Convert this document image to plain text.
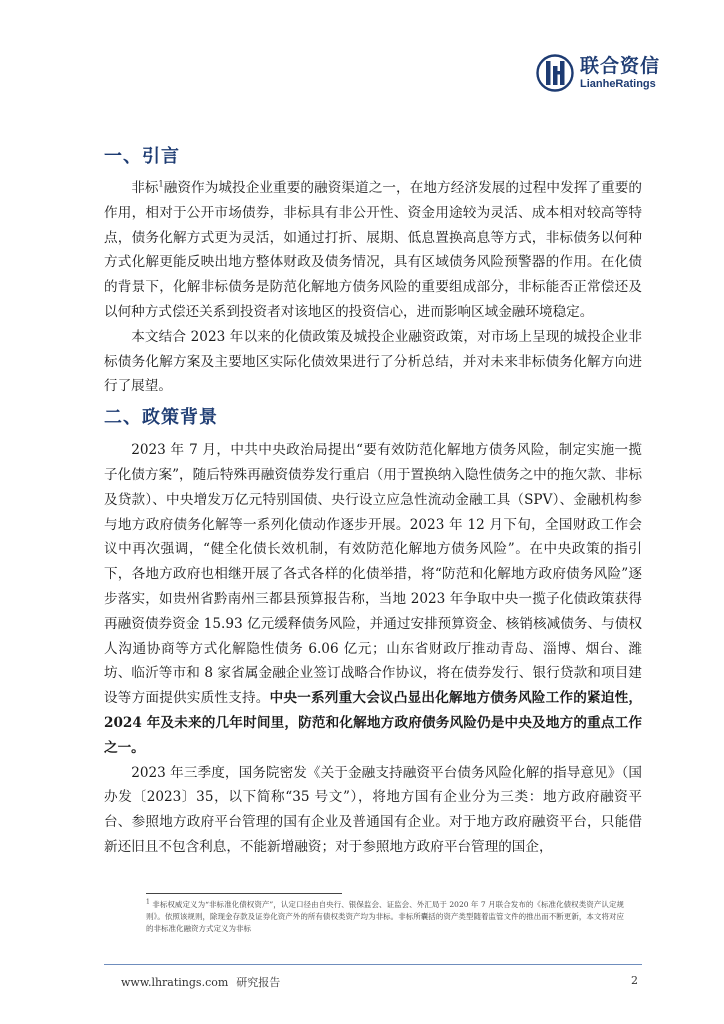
联合资信
LianheRatings
一、引言

非标$^1$融资作为城投企业重要的融资渠道之一，在地方经济发展的过程中发挥了重要的作用，相对于公开市场债券，非标具有非公开性、资金用途较为灵活、成本相对较高等特点，债务化解方式更为灵活，如通过打折、展期、低息置换高息等方式，非标债务以何种方式化解更能反映出地方整体财政及债务情况，具有区域债务风险预警器的作用。在化债的背景下，化解非标债务是防范化解地方债务风险的重要组成部分，非标能否正常偿还及以何种方式偿还关系到投资者对该地区的投资信心，进而影响区域金融环境稳定。

本文结合 2023 年以来的化债政策及城投企业融资政策，对市场上呈现的城投企业非标债务化解方案及主要地区实际化债效果进行了分析总结，并对未来非标债务化解方向进行了展望。

二、政策背景

2023 年 7 月，中共中央政治局提出“要有效防范化解地方债务风险，制定实施一揽子化债方案”，随后特殊再融资债券发行重启（用于置换纳入隐性债务之中的拖欠款、非标及贷款）、中央增发万亿元特别国债、央行设立应急性流动金融工具（SPV）、金融机构参与地方政府债务化解等一系列化债动作逐步开展。2023 年 12 月下旬，全国财政工作会议中再次强调，“健全化债长效机制，有效防范化解地方债务风险”。在中央政策的指引下，各地方政府也相继开展了各式各样的化债举措，将“防范和化解地方政府债务风险”逐步落实，如贵州省黔南州三都县预算报告称，当地 2023 年争取中央一揽子化债政策获得再融资债券资金 15.93 亿元缓释债务风险，并通过安排预算资金、核销核减债务、与债权人沟通协商等方式化解隐性债务 6.06 亿元；山东省财政厅推动青岛、淄博、烟台、潍坊、临沂等市和 8 家省属金融企业签订战略合作协议，将在债券发行、银行贷款和项目建设等方面提供实质性支持。中央一系列重大会议凸显出化解地方债务风险工作的紧迫性，2024 年及未来的几年时间里，防范和化解地方政府债务风险仍是中央及地方的重点工作之一。

2023 年三季度，国务院密发《关于金融支持融资平台债务风险化解的指导意见》（国办发〔2023〕35，以下简称“35 号文”），将地方国有企业分为三类：地方政府融资平台、参照地方政府平台管理的国有企业及普通国有企业。对于地方政府融资平台，只能借新还旧且不包含利息，不能新增融资；对于参照地方政府平台管理的国企，

$^1$ 非标权威定义为“非标准化债权资产”，认定口径由自央行、银保监会、证监会、外汇局于 2020 年 7 月联合发布的《标准化债权类资产认定规则》。依照该规则，除现金存款及证券化资产外的所有债权类资产均为非标。非标所囊括的资产类型随着监管文件的推出而不断更新，本文将对应的非标准化融资方式定义为非标
www.lhratings.com 研究报告	2
